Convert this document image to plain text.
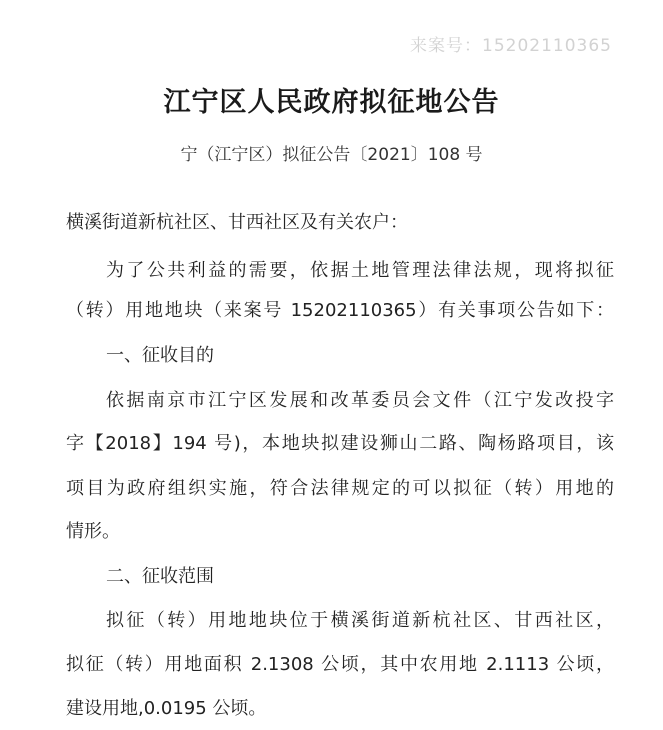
来案号：15202110365
江宁区人民政府拟征地公告
宁（江宁区）拟征公告〔2021〕108 号
横溪街道新杭社区、甘西社区及有关农户：
为了公共利益的需要，依据土地管理法律法规，现将拟征
（转）用地地块（来案号 15202110365）有关事项公告如下：
一、征收目的
依据南京市江宁区发展和改革委员会文件（江宁发改投字
字【2018】194 号)，本地块拟建设狮山二路、陶杨路项目，该
项目为政府组织实施，符合法律规定的可以拟征（转）用地的
情形。
二、征收范围
拟征（转）用地地块位于横溪街道新杭社区、甘西社区，
拟征（转）用地面积 2.1308 公顷，其中农用地 2.1113 公顷，
建设用地,0.0195 公顷。
